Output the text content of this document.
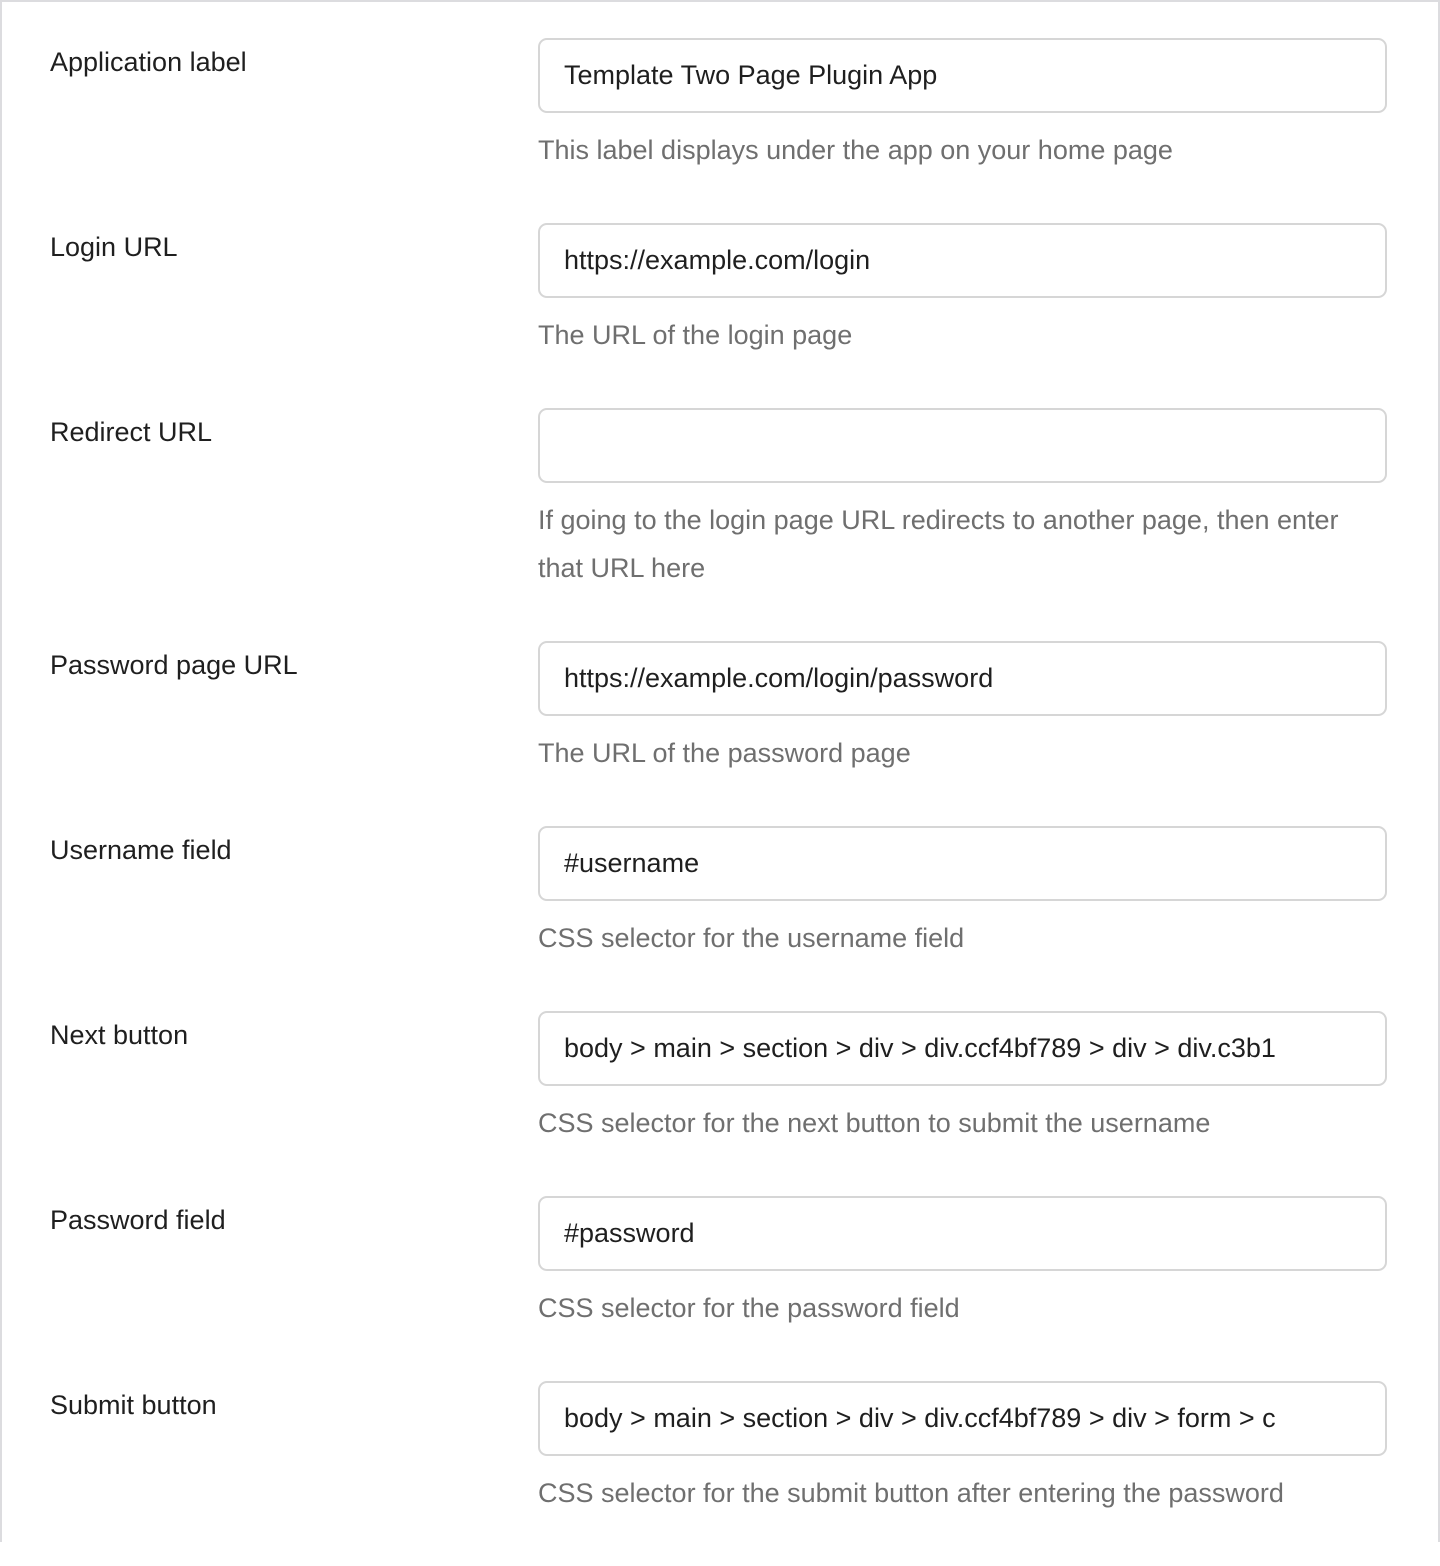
Application label
Template Two Page Plugin App
This label displays under the app on your home page
Login URL
https://example.com/login
The URL of the login page
Redirect URL
If going to the login page URL redirects to another page, then enter that URL here
Password page URL
https://example.com/login/password
The URL of the password page
Username field
#username
CSS selector for the username field
Next button
body > main > section > div > div.ccf4bf789 > div > div.c3b1
CSS selector for the next button to submit the username
Password field
#password
CSS selector for the password field
Submit button
body > main > section > div > div.ccf4bf789 > div > form > c
CSS selector for the submit button after entering the password
